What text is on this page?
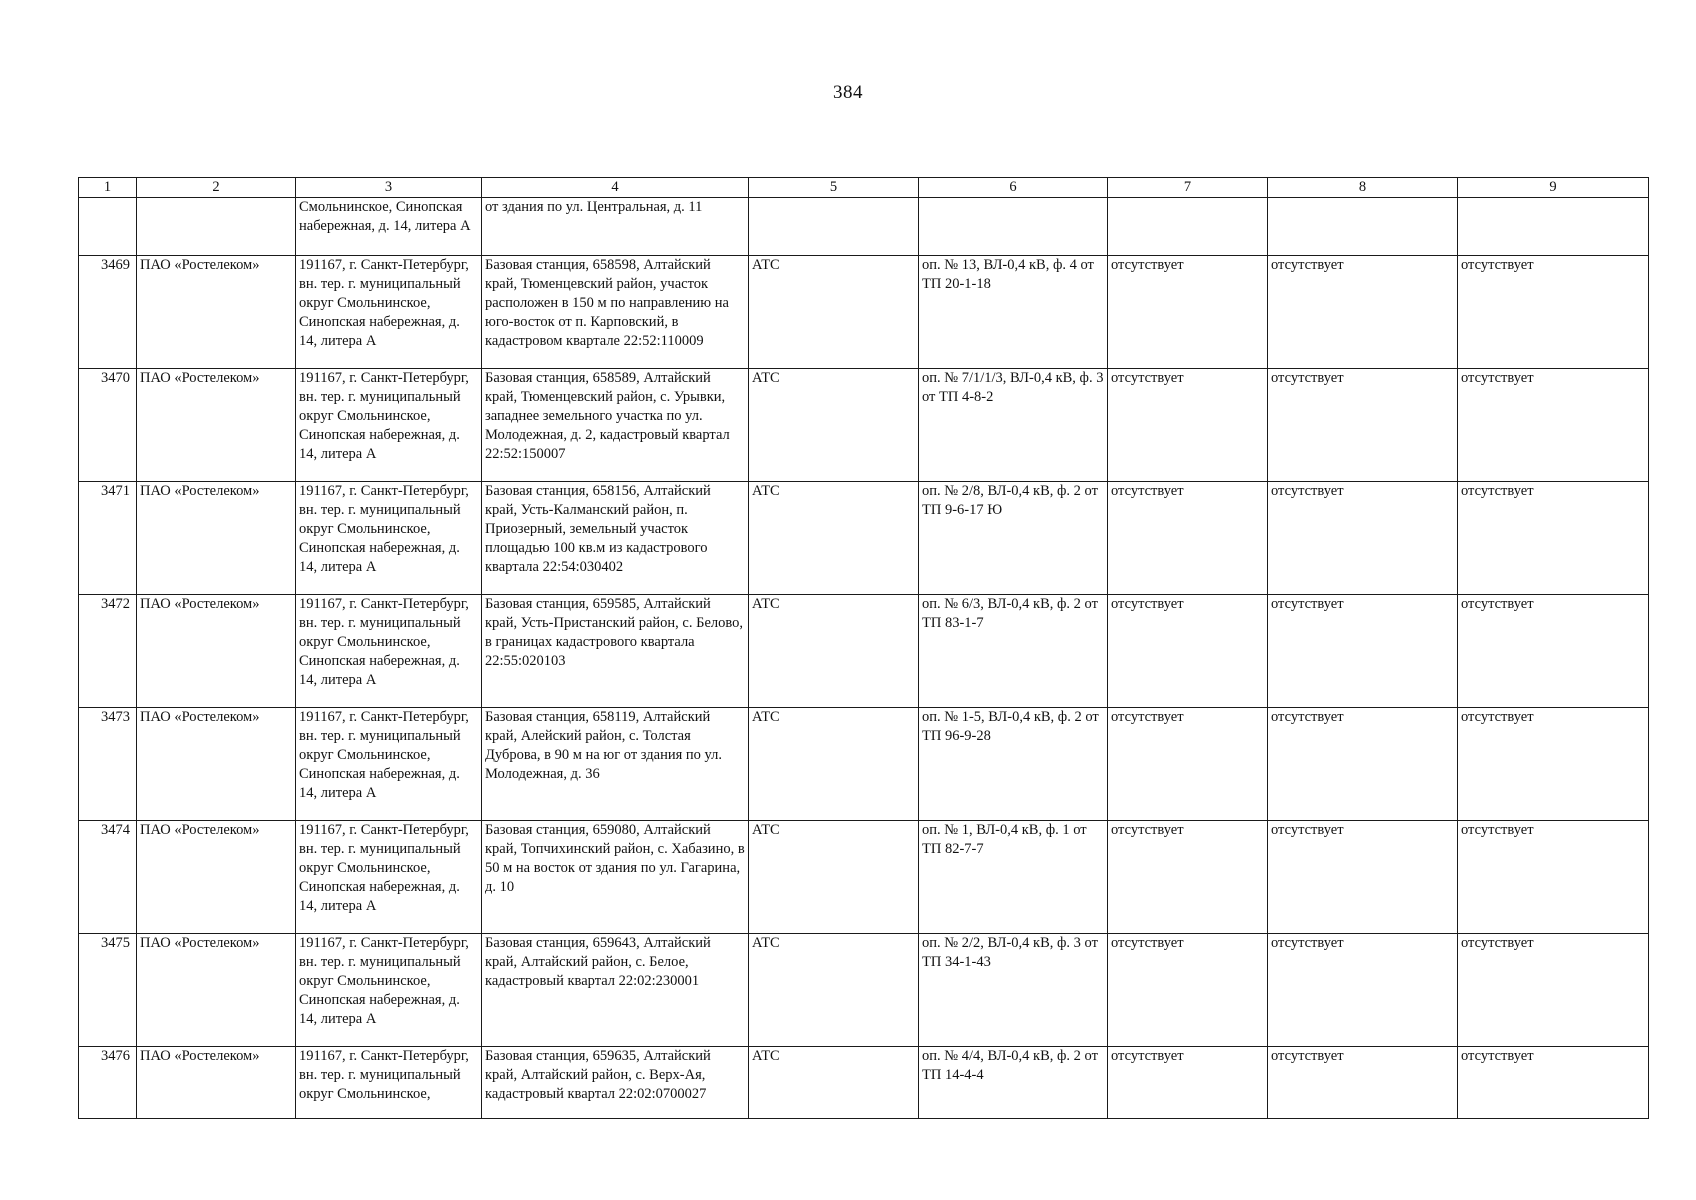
384
1	2	3	4	5	6	7	8	9
		Смольнинское, Синопская набережная, д. 14, литера А	от здания по ул. Центральная, д. 11					
3469	ПАО «Ростелеком»	191167, г. Санкт-Петербург, вн. тер. г. муниципальный округ Смольнинское, Синопская набережная, д. 14, литера А	Базовая станция, 658598, Алтайский край, Тюменцевский район, участок расположен в 150 м по направлению на юго-восток от п. Карповский, в кадастровом квартале 22:52:110009	АТС	оп. № 13, ВЛ-0,4 кВ, ф. 4 от ТП 20-1-18	отсутствует	отсутствует	отсутствует
3470	ПАО «Ростелеком»	191167, г. Санкт-Петербург, вн. тер. г. муниципальный округ Смольнинское, Синопская набережная, д. 14, литера А	Базовая станция, 658589, Алтайский край, Тюменцевский район, с. Урывки, западнее земельного участка по ул. Молодежная, д. 2, кадастровый квартал 22:52:150007	АТС	оп. № 7/1/1/3, ВЛ-0,4 кВ, ф. 3 от ТП 4-8-2	отсутствует	отсутствует	отсутствует
3471	ПАО «Ростелеком»	191167, г. Санкт-Петербург, вн. тер. г. муниципальный округ Смольнинское, Синопская набережная, д. 14, литера А	Базовая станция, 658156, Алтайский край, Усть-Калманский район, п. Приозерный, земельный участок площадью 100 кв.м из кадастрового квартала 22:54:030402	АТС	оп. № 2/8, ВЛ-0,4 кВ, ф. 2 от ТП 9-6-17 Ю	отсутствует	отсутствует	отсутствует
3472	ПАО «Ростелеком»	191167, г. Санкт-Петербург, вн. тер. г. муниципальный округ Смольнинское, Синопская набережная, д. 14, литера А	Базовая станция, 659585, Алтайский край, Усть-Пристанский район, с. Белово, в границах кадастрового квартала 22:55:020103	АТС	оп. № 6/3, ВЛ-0,4 кВ, ф. 2 от ТП 83-1-7	отсутствует	отсутствует	отсутствует
3473	ПАО «Ростелеком»	191167, г. Санкт-Петербург, вн. тер. г. муниципальный округ Смольнинское, Синопская набережная, д. 14, литера А	Базовая станция, 658119, Алтайский край, Алейский район, с. Толстая Дуброва, в 90 м на юг от здания по ул. Молодежная, д. 36	АТС	оп. № 1-5, ВЛ-0,4 кВ, ф. 2 от ТП 96-9-28	отсутствует	отсутствует	отсутствует
3474	ПАО «Ростелеком»	191167, г. Санкт-Петербург, вн. тер. г. муниципальный округ Смольнинское, Синопская набережная, д. 14, литера А	Базовая станция, 659080, Алтайский край, Топчихинский район, с. Хабазино, в 50 м на восток от здания по ул. Гагарина, д. 10	АТС	оп. № 1, ВЛ-0,4 кВ, ф. 1 от ТП 82-7-7	отсутствует	отсутствует	отсутствует
3475	ПАО «Ростелеком»	191167, г. Санкт-Петербург, вн. тер. г. муниципальный округ Смольнинское, Синопская набережная, д. 14, литера А	Базовая станция, 659643, Алтайский край, Алтайский район, с. Белое, кадастровый квартал 22:02:230001	АТС	оп. № 2/2, ВЛ-0,4 кВ, ф. 3 от ТП 34-1-43	отсутствует	отсутствует	отсутствует
3476	ПАО «Ростелеком»	191167, г. Санкт-Петербург, вн. тер. г. муниципальный округ Смольнинское,	Базовая станция, 659635, Алтайский край, Алтайский район, с. Верх-Ая, кадастровый квартал 22:02:0700027	АТС	оп. № 4/4, ВЛ-0,4 кВ, ф. 2 от ТП 14-4-4	отсутствует	отсутствует	отсутствует
